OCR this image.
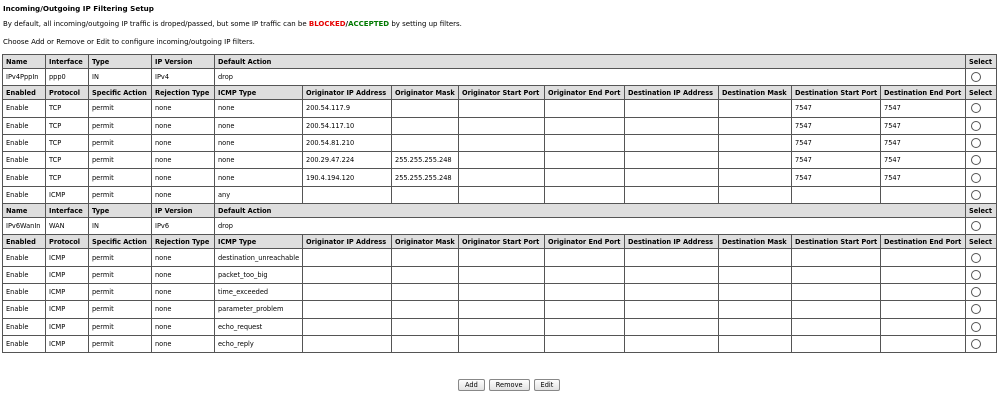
Incoming/Outgoing IP Filtering Setup
By default, all incoming/outgoing IP traffic is droped/passed, but some IP traffic can be BLOCKED/ACCEPTED by setting up filters.
Choose Add or Remove or Edit to configure incoming/outgoing IP filters.
Name	Interface	Type	IP Version	Default Action									Select
IPv4PppIn	ppp0	IN	IPv4	drop									
Enabled	Protocol	Specific Action	Rejection Type	ICMP Type	Originator IP Address	Originator Mask	Originator Start Port	Originator End Port	Destination IP Address	Destination Mask	Destination Start Port	Destination End Port	Select
Enable	TCP	permit	none	none	200.54.117.9						7547	7547	
Enable	TCP	permit	none	none	200.54.117.10						7547	7547	
Enable	TCP	permit	none	none	200.54.81.210						7547	7547	
Enable	TCP	permit	none	none	200.29.47.224	255.255.255.248					7547	7547	
Enable	TCP	permit	none	none	190.4.194.120	255.255.255.248					7547	7547	
Enable	ICMP	permit	none	any									
Name	Interface	Type	IP Version	Default Action									Select
IPv6WanIn	WAN	IN	IPv6	drop									
Enabled	Protocol	Specific Action	Rejection Type	ICMP Type	Originator IP Address	Originator Mask	Originator Start Port	Originator End Port	Destination IP Address	Destination Mask	Destination Start Port	Destination End Port	Select
Enable	ICMP	permit	none	destination_unreachable									
Enable	ICMP	permit	none	packet_too_big									
Enable	ICMP	permit	none	time_exceeded									
Enable	ICMP	permit	none	parameter_problem									
Enable	ICMP	permit	none	echo_request									
Enable	ICMP	permit	none	echo_reply									
Add	Remove	Edit
